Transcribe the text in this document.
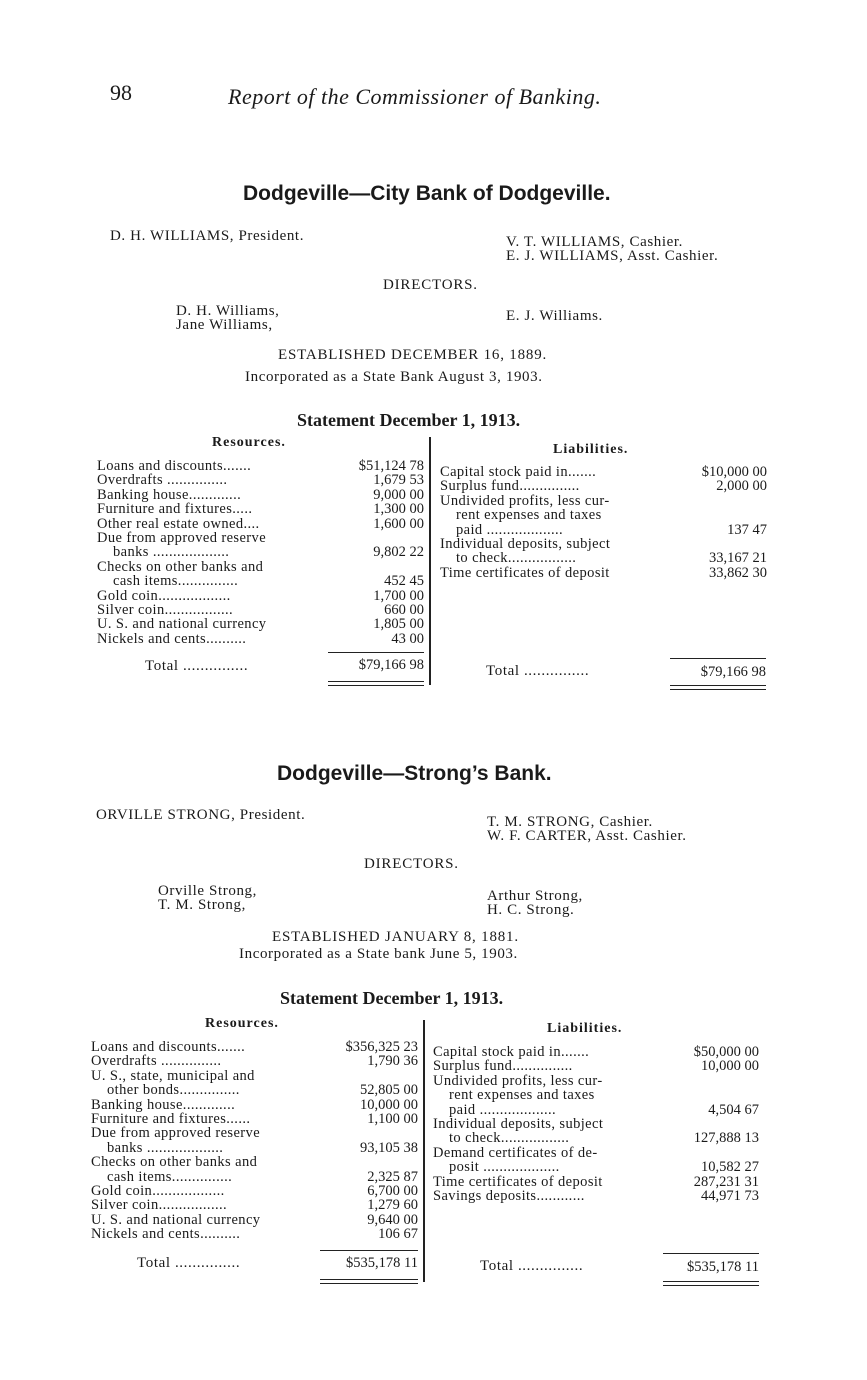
98	Report of the Commissioner of Banking.
Dodgeville—City Bank of Dodgeville.
D. H. WILLIAMS, President.	V. T. WILLIAMS, Cashier.
E. J. WILLIAMS, Asst. Cashier.
DIRECTORS.
D. H. Williams,
Jane Williams,
E. J. Williams.
ESTABLISHED DECEMBER 16, 1889.
Incorporated as a State Bank August 3, 1903.
Statement December 1, 1913.
Resources.	Liabilities.
Loans and discounts.......	$51,124 78
Overdrafts ...............	1,679 53
Banking house.............	9,000 00
Furniture and fixtures.....	1,300 00
Other real estate owned....	1,600 00
Due from approved reserve
banks ...................	9,802 22
Checks on other banks and
cash items...............	452 45
Gold coin..................	1,700 00
Silver coin.................	660 00
U. S. and national currency	1,805 00
Nickels and cents..........	43 00
Capital stock paid in.......	$10,000 00
Surplus fund...............	2,000 00
Undivided profits, less cur-
rent expenses and taxes
paid ...................	137 47
Individual deposits, subject
to check.................	33,167 21
Time certificates of deposit	33,862 30
Total ...............	$79,166 98	Total ...............	$79,166 98
Dodgeville—Strong’s Bank.
ORVILLE STRONG, President.	T. M. STRONG, Cashier.
W. F. CARTER, Asst. Cashier.
DIRECTORS.
Orville Strong,
T. M. Strong,
Arthur Strong,
H. C. Strong.
ESTABLISHED JANUARY 8, 1881.
Incorporated as a State bank June 5, 1903.
Statement December 1, 1913.
Resources.	Liabilities.
Loans and discounts.......	$356,325 23
Overdrafts ...............	1,790 36
U. S., state, municipal and
other bonds...............	52,805 00
Banking house.............	10,000 00
Furniture and fixtures......	1,100 00
Due from approved reserve
banks ...................	93,105 38
Checks on other banks and
cash items...............	2,325 87
Gold coin..................	6,700 00
Silver coin.................	1,279 60
U. S. and national currency	9,640 00
Nickels and cents..........	106 67
Capital stock paid in.......	$50,000 00
Surplus fund...............	10,000 00
Undivided profits, less cur-
rent expenses and taxes
paid ...................	4,504 67
Individual deposits, subject
to check.................	127,888 13
Demand certificates of de-
posit ...................	10,582 27
Time certificates of deposit	287,231 31
Savings deposits............	44,971 73
Total ...............	$535,178 11	Total ...............	$535,178 11
